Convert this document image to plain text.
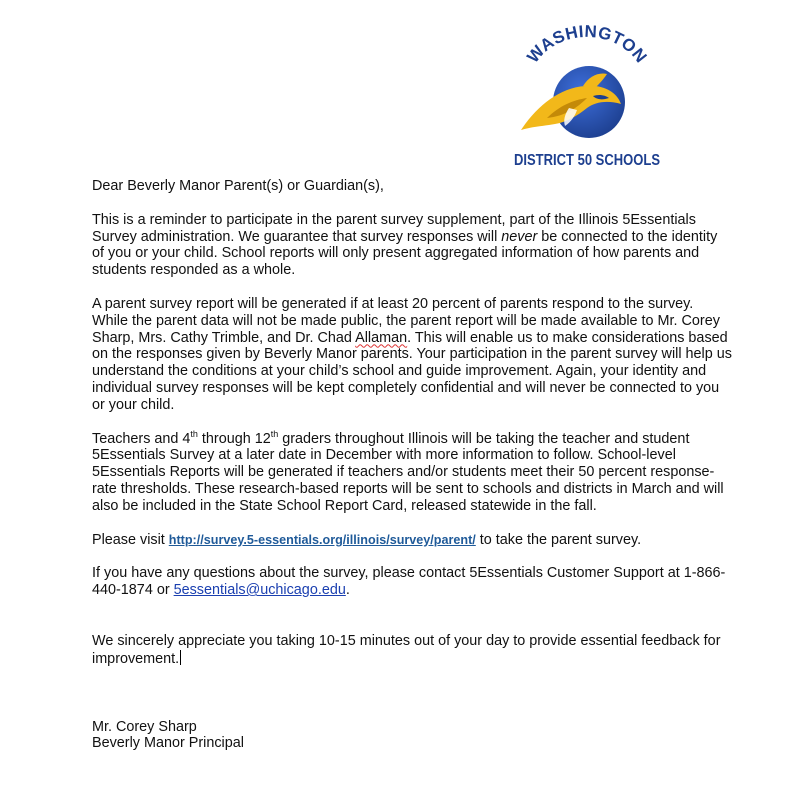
WASHINGTON
DISTRICT 50 SCHOOLS

Dear Beverly Manor Parent(s) or Guardian(s),

This is a reminder to participate in the parent survey supplement, part of the Illinois 5Essentials Survey administration. We guarantee that survey responses will never be connected to the identity of you or your child. School reports will only present aggregated information of how parents and students responded as a whole.

A parent survey report will be generated if at least 20 percent of parents respond to the survey. While the parent data will not be made public, the parent report will be made available to Mr. Corey Sharp, Mrs. Cathy Trimble, and Dr. Chad Allaman. This will enable us to make considerations based on the responses given by Beverly Manor parents. Your participation in the parent survey will help us understand the conditions at your child’s school and guide improvement. Again, your identity and individual survey responses will be kept completely confidential and will never be connected to you or your child.

Teachers and 4th through 12th graders throughout Illinois will be taking the teacher and student 5Essentials Survey at a later date in December with more information to follow. School-level 5Essentials Reports will be generated if teachers and/or students meet their 50 percent response-rate thresholds. These research-based reports will be sent to schools and districts in March and will also be included in the State School Report Card, released statewide in the fall.

Please visit http://survey.5-essentials.org/illinois/survey/parent/ to take the parent survey.

If you have any questions about the survey, please contact 5Essentials Customer Support at 1-866-440-1874 or 5essentials@uchicago.edu.

We sincerely appreciate you taking 10-15 minutes out of your day to provide essential feedback for improvement.

Mr. Corey Sharp

Beverly Manor Principal
